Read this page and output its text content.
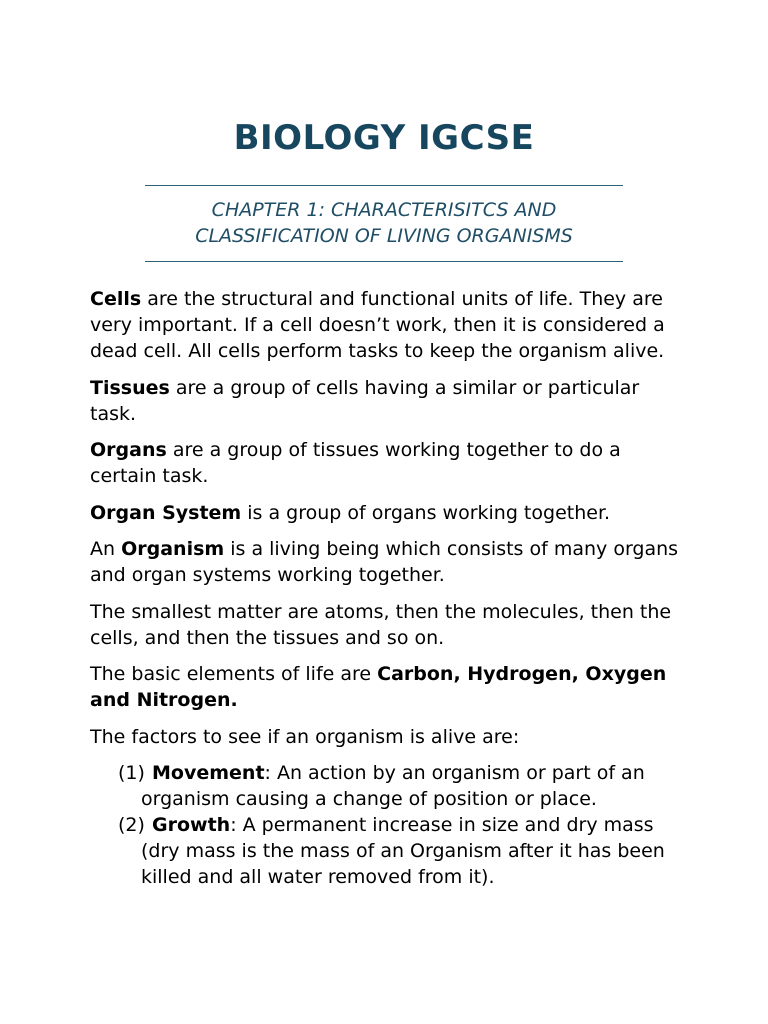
BIOLOGY IGCSE
CHAPTER 1: CHARACTERISITCS AND
CLASSIFICATION OF LIVING ORGANISMS

Cells are the structural and functional units of life. They are very important. If a cell doesn’t work, then it is considered a dead cell. All cells perform tasks to keep the organism alive.

Tissues are a group of cells having a similar or particular task.

Organs are a group of tissues working together to do a certain task.

Organ System is a group of organs working together.

An Organism is a living being which consists of many organs and organ systems working together.

The smallest matter are atoms, then the molecules, then the cells, and then the tissues and so on.

The basic elements of life are Carbon, Hydrogen, Oxygen and Nitrogen.

The factors to see if an organism is alive are:

(1) Movement: An action by an organism or part of an organism causing a change of position or place.
(2) Growth: A permanent increase in size and dry mass (dry mass is the mass of an Organism after it has been killed and all water removed from it).
